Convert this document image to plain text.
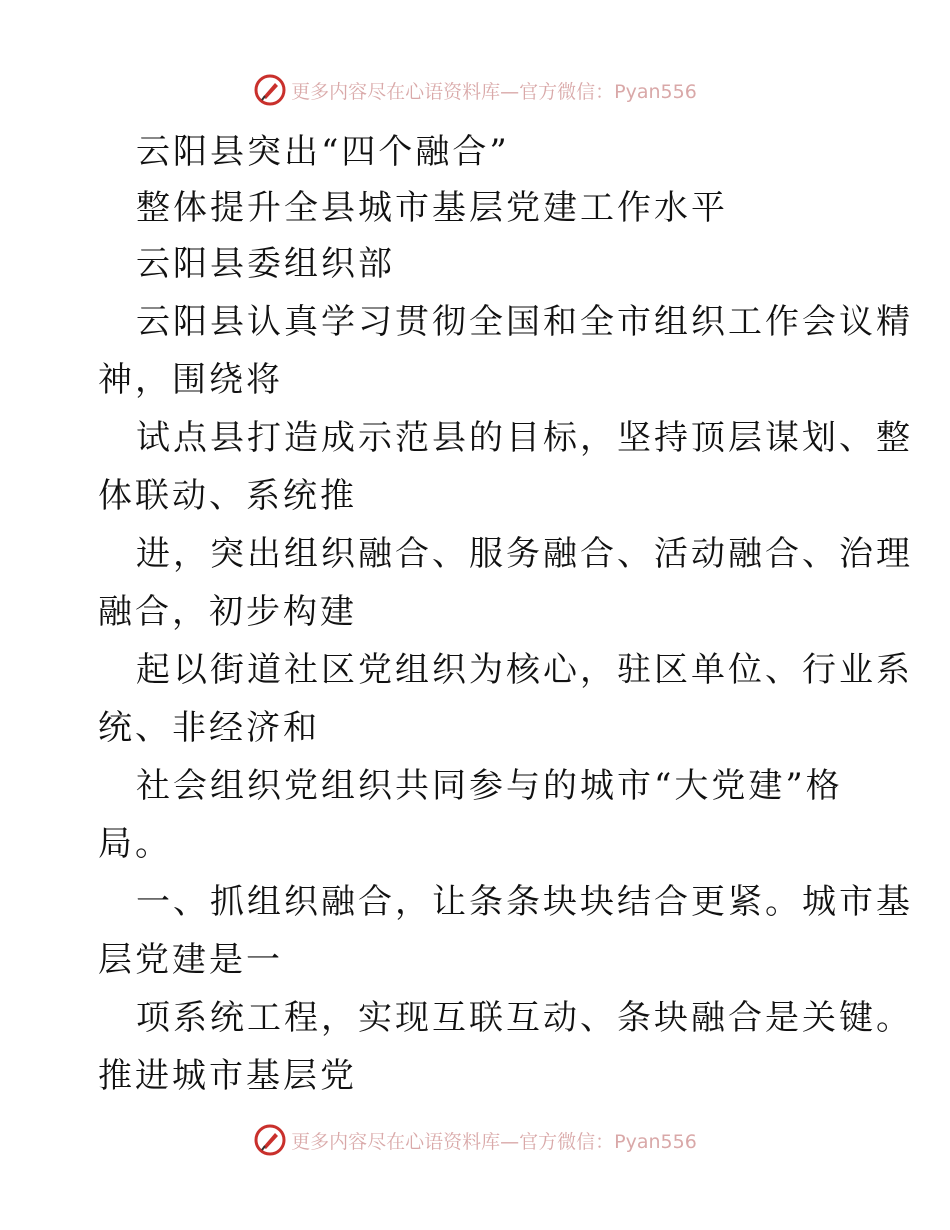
更多内容尽在心语资料库—官方微信：Pyan556
云阳县突出“四个融合”
整体提升全县城市基层党建工作水平
云阳县委组织部
云阳县认真学习贯彻全国和全市组织工作会议精
神，围绕将
试点县打造成示范县的目标，坚持顶层谋划、整
体联动、系统推
进，突出组织融合、服务融合、活动融合、治理
融合，初步构建
起以街道社区党组织为核心，驻区单位、行业系
统、非经济和
社会组织党组织共同参与的城市“大党建”格
局。
一、抓组织融合，让条条块块结合更紧。城市基
层党建是一
项系统工程，实现互联互动、条块融合是关键。
推进城市基层党
更多内容尽在心语资料库—官方微信：Pyan556
